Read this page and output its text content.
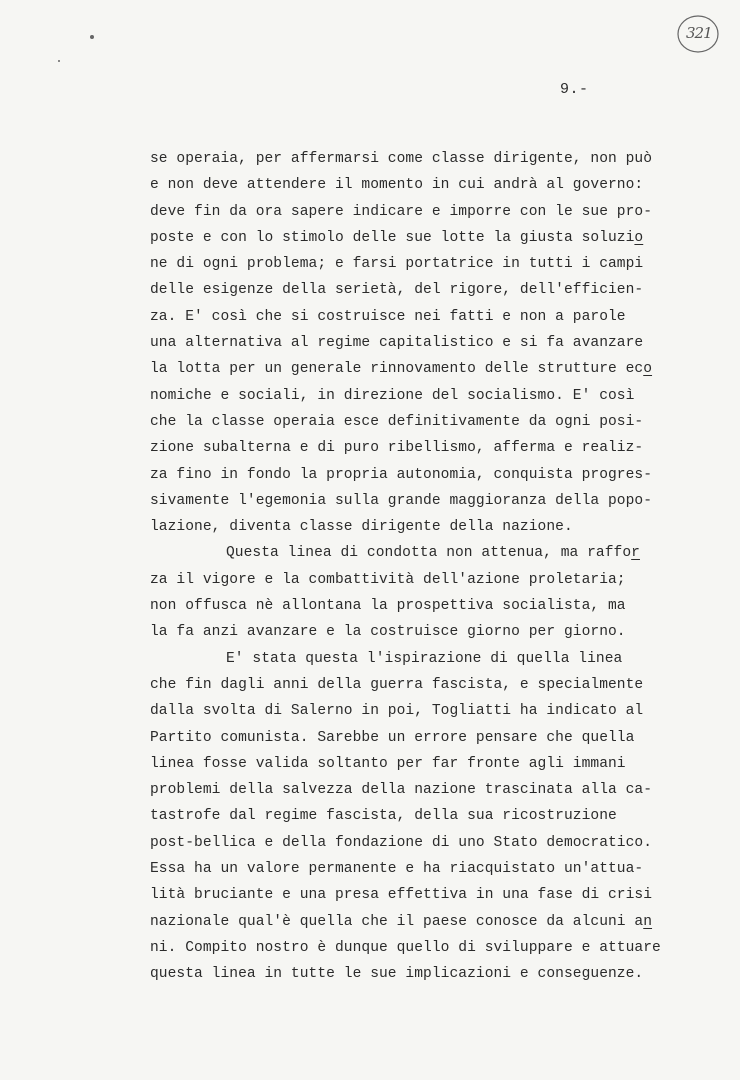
321
9.-
se operaia, per affermarsi come classe dirigente, non può
e non deve attendere il momento in cui andrà al governo:
deve fin da ora sapere indicare e imporre con le sue pro-
poste e con lo stimolo delle sue lotte la giusta soluzio
ne di ogni problema; e farsi portatrice in tutti i campi
delle esigenze della serietà, del rigore, dell'efficien-
za. E' così che si costruisce nei fatti e non a parole
una alternativa al regime capitalistico e si fa avanzare
la lotta per un generale rinnovamento delle strutture eco
nomiche e sociali, in direzione del socialismo. E' così
che la classe operaia esce definitivamente da ogni posi-
zione subalterna e di puro ribellismo, afferma e realiz-
za fino in fondo la propria autonomia, conquista progres-
sivamente l'egemonia sulla grande maggioranza della popo-
lazione, diventa classe dirigente della nazione.
Questa linea di condotta non attenua, ma raffor
za il vigore e la combattività dell'azione proletaria;
non offusca nè allontana la prospettiva socialista, ma
la fa anzi avanzare e la costruisce giorno per giorno.
E' stata questa l'ispirazione di quella linea
che fin dagli anni della guerra fascista, e specialmente
dalla svolta di Salerno in poi, Togliatti ha indicato al
Partito comunista. Sarebbe un errore pensare che quella
linea fosse valida soltanto per far fronte agli immani
problemi della salvezza della nazione trascinata alla ca-
tastrofe dal regime fascista, della sua ricostruzione
post-bellica e della fondazione di uno Stato democratico.
Essa ha un valore permanente e ha riacquistato un'attua-
lità bruciante e una presa effettiva in una fase di crisi
nazionale qual'è quella che il paese conosce da alcuni an
ni. Compito nostro è dunque quello di sviluppare e attuare
questa linea in tutte le sue implicazioni e conseguenze.
